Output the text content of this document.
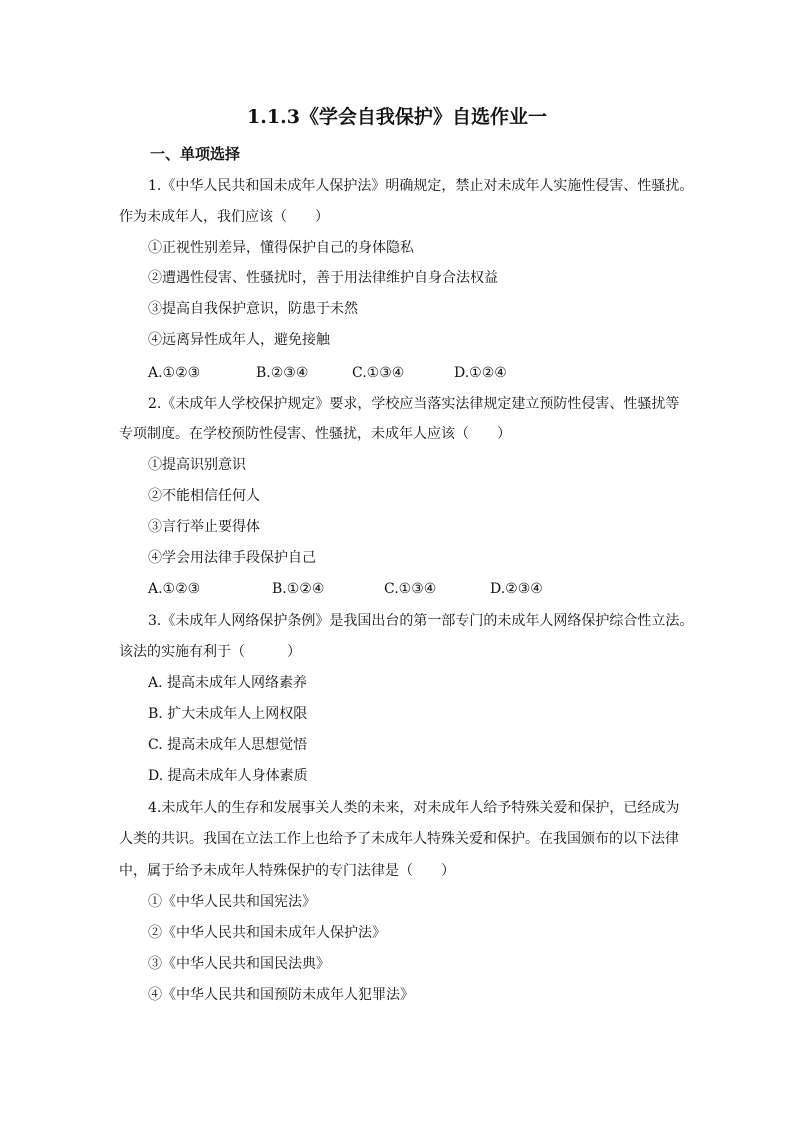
1.1.3《学会自我保护》自选作业一
一、单项选择
1.《中华人民共和国未成年人保护法》明确规定，禁止对未成年人实施性侵害、性骚扰。
作为未成年人，我们应该（　　）
①正视性别差异，懂得保护自己的身体隐私
②遭遇性侵害、性骚扰时，善于用法律维护自身合法权益
③提高自我保护意识，防患于未然
④远离异性成年人，避免接触
A.①②③	B.②③④	C.①③④	D.①②④
2.《未成年人学校保护规定》要求，学校应当落实法律规定建立预防性侵害、性骚扰等
专项制度。在学校预防性侵害、性骚扰，未成年人应该（　　）
①提高识别意识
②不能相信任何人
③言行举止要得体
④学会用法律手段保护自己
A.①②③	B.①②④	C.①③④	D.②③④
3.《未成年人网络保护条例》是我国出台的第一部专门的未成年人网络保护综合性立法。
该法的实施有利于（　　　）
A. 提高未成年人网络素养
B. 扩大未成年人上网权限
C. 提高未成年人思想觉悟
D. 提高未成年人身体素质
4.未成年人的生存和发展事关人类的未来，对未成年人给予特殊关爱和保护，已经成为
人类的共识。我国在立法工作上也给予了未成年人特殊关爱和保护。在我国颁布的以下法律
中，属于给予未成年人特殊保护的专门法律是（　　）
①《中华人民共和国宪法》
②《中华人民共和国未成年人保护法》
③《中华人民共和国民法典》
④《中华人民共和国预防未成年人犯罪法》
